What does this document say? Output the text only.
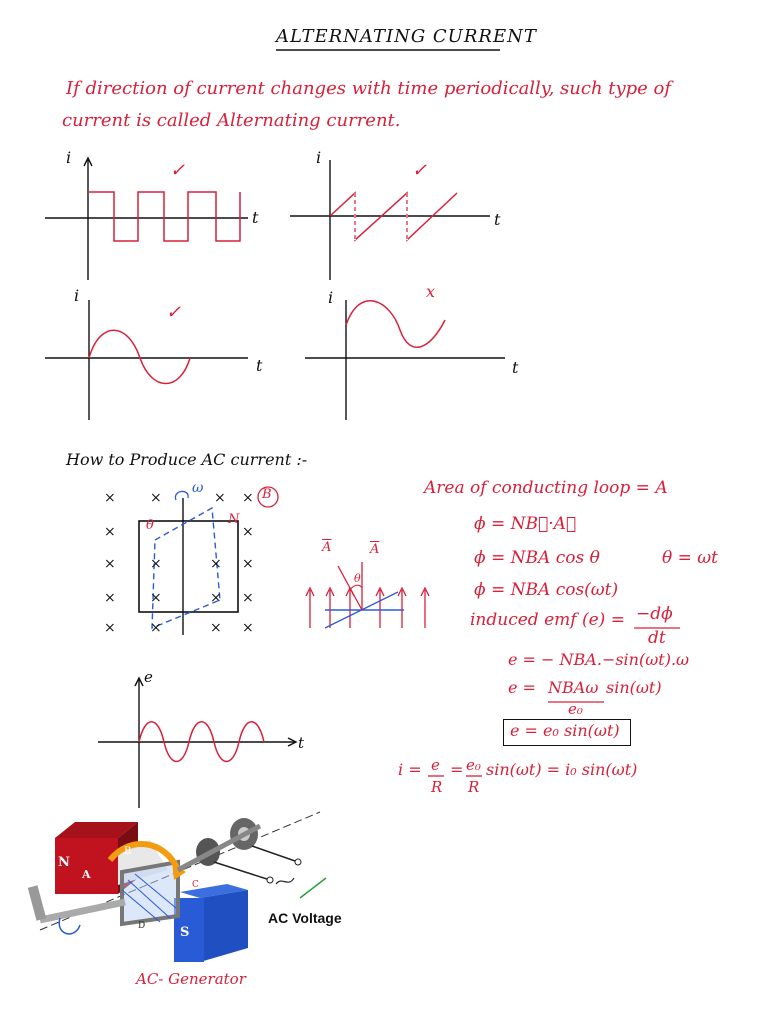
ALTERNATING CURRENT
If direction of current changes with time periodically, such type of
current is called Alternating current.
i
t
✓
i
t
✓
i
t
✓
i
t
x
How to Produce AC current :-
× ×	× ×
×	×
× ×	× ×
× ×	× ×
× ×	× ×
ω	B
θ	N
$\overline{A}$	$\overline{A}$
θ
Area of conducting loop = A
ϕ = NB⃗·A⃗
ϕ = NBA cos θ	θ = ωt
ϕ = NBA cos(ωt)
induced emf (e) = −dϕ
dt
e = − NBA.−sin(ωt).ω
e = NBAω sin(ωt)
e₀
e = e₀ sin(ωt)
i = e
R
= e₀
R
sin(ωt) = i₀ sin(ωt)
e
t
N
S
A
B
C
D	AC Voltage
AC- Generator
